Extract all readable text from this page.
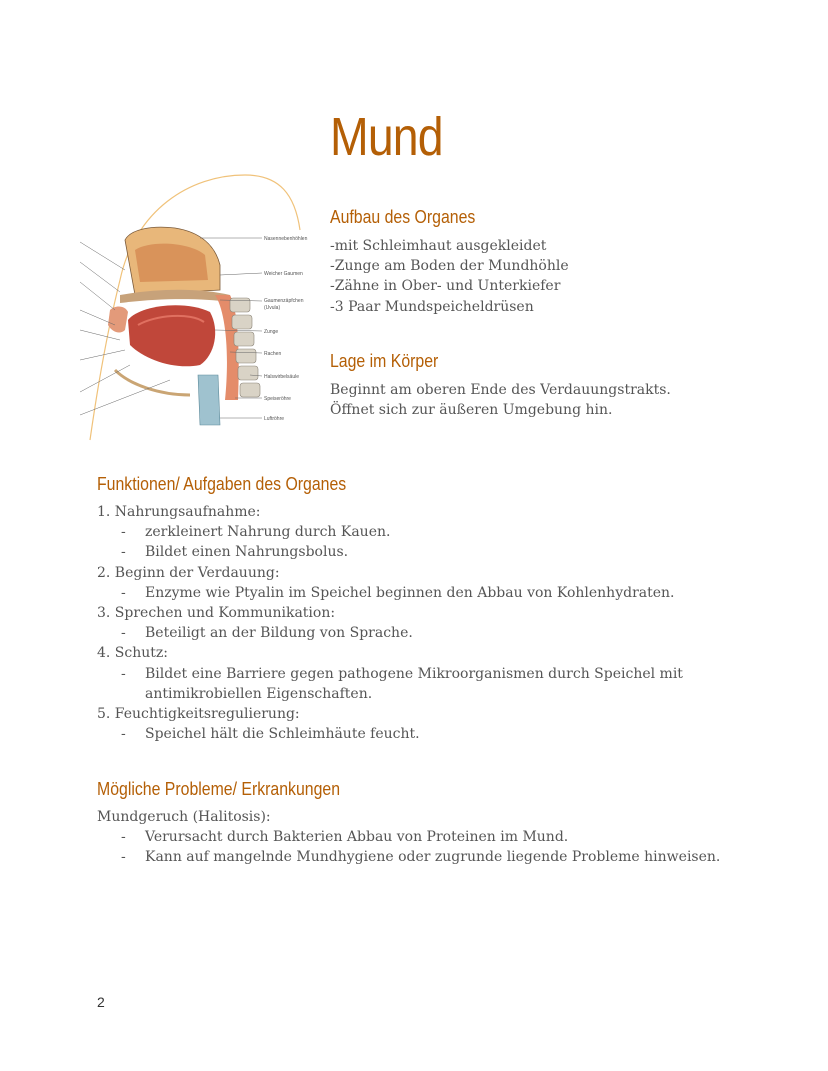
Mund
Nasennebenhöhlen
Weicher Gaumen
Gaumenzäpfchen
(Uvula)
Zunge
Rachen
Halswirbelsäule
Speiseröhre
Luftröhre
Aufbau des Organes
-mit Schleimhaut ausgekleidet
-Zunge am Boden der Mundhöhle
-Zähne in Ober- und Unterkiefer
-3 Paar Mundspeicheldrüsen
Lage im Körper
Beginnt am oberen Ende des Verdauungstrakts.
Öffnet sich zur äußeren Umgebung hin.
Funktionen/ Aufgaben des Organes
1. Nahrungsaufnahme:
- zerkleinert Nahrung durch Kauen.
- Bildet einen Nahrungsbolus.
2. Beginn der Verdauung:
- Enzyme wie Ptyalin im Speichel beginnen den Abbau von Kohlenhydraten.
3. Sprechen und Kommunikation:
- Beteiligt an der Bildung von Sprache.
4. Schutz:
- Bildet eine Barriere gegen pathogene Mikroorganismen durch Speichel mit
antimikrobiellen Eigenschaften.
5. Feuchtigkeitsregulierung:
- Speichel hält die Schleimhäute feucht.
Mögliche Probleme/ Erkrankungen
Mundgeruch (Halitosis):
- Verursacht durch Bakterien Abbau von Proteinen im Mund.
- Kann auf mangelnde Mundhygiene oder zugrunde liegende Probleme hinweisen.
2
